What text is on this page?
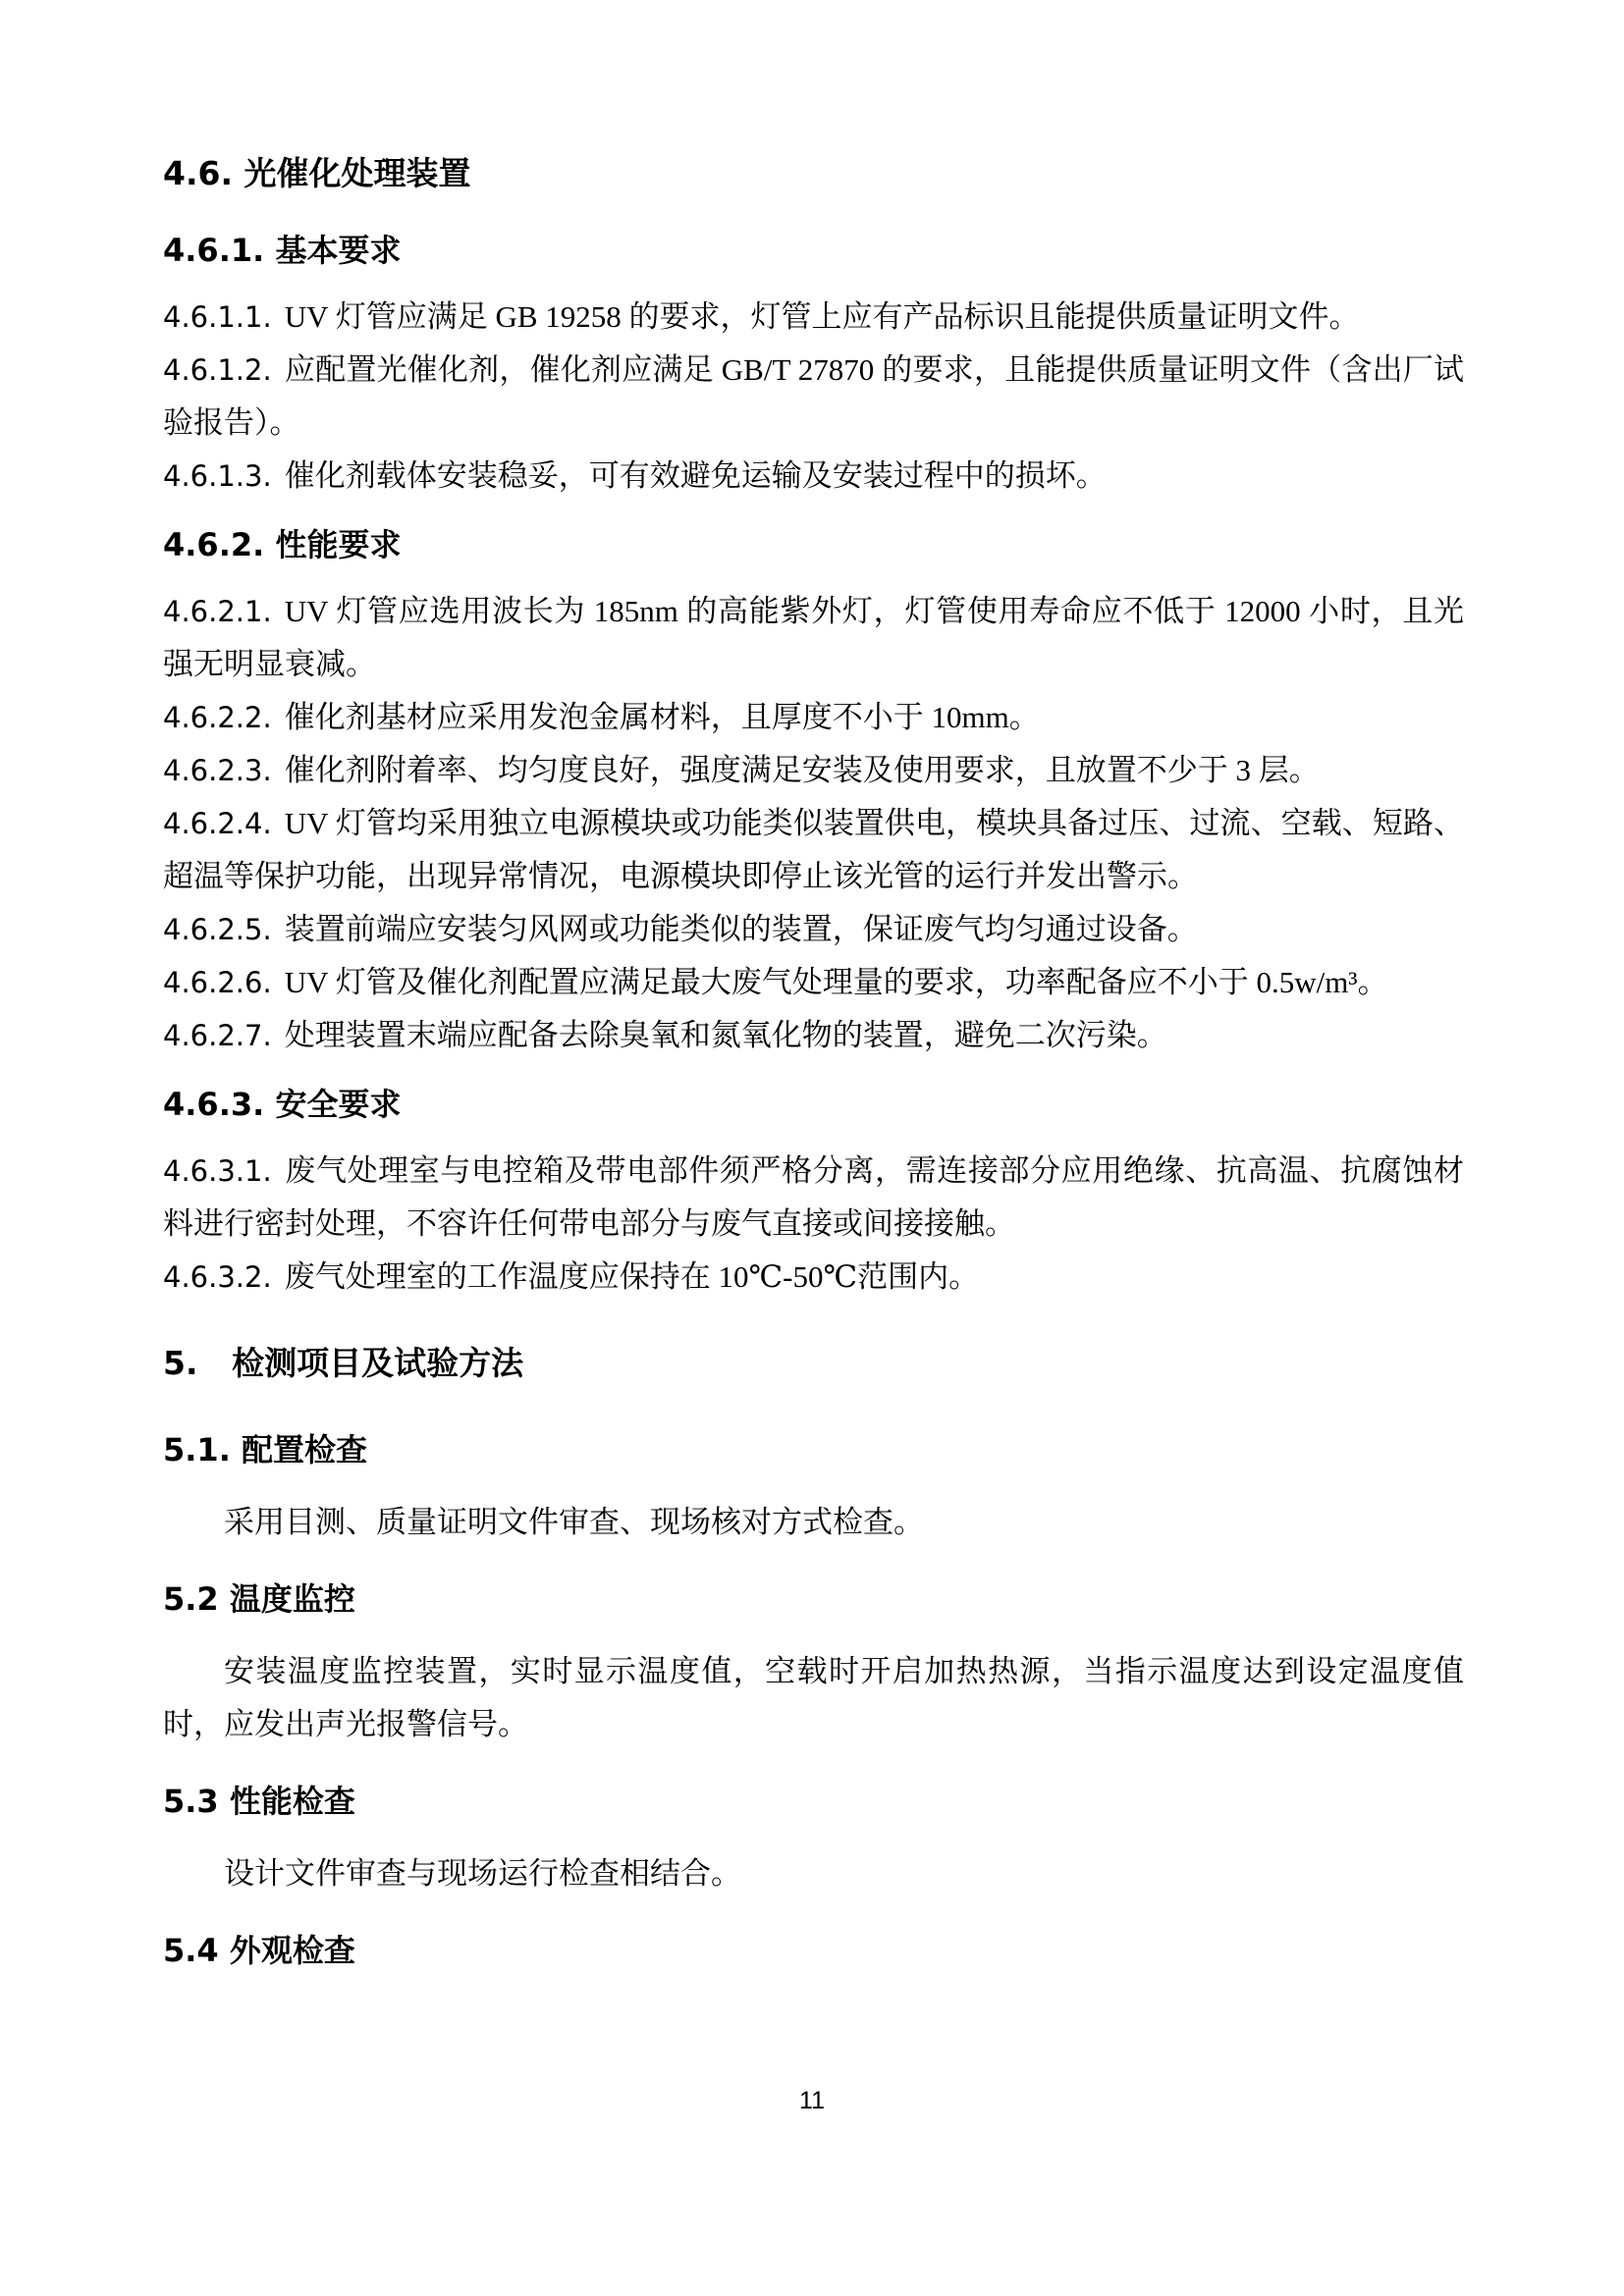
4.6. 光催化处理装置
4.6.1. 基本要求

4.6.1.1. UV 灯管应满足 GB 19258 的要求，灯管上应有产品标识且能提供质量证明文件。

4.6.1.2. 应配置光催化剂，催化剂应满足 GB/T 27870 的要求，且能提供质量证明文件（含出厂试验报告）。

4.6.1.3. 催化剂载体安装稳妥，可有效避免运输及安装过程中的损坏。

4.6.2. 性能要求

4.6.2.1. UV 灯管应选用波长为 185nm 的高能紫外灯，灯管使用寿命应不低于 12000 小时，且光强无明显衰减。

4.6.2.2. 催化剂基材应采用发泡金属材料，且厚度不小于 10mm。

4.6.2.3. 催化剂附着率、均匀度良好，强度满足安装及使用要求，且放置不少于 3 层。

4.6.2.4. UV 灯管均采用独立电源模块或功能类似装置供电，模块具备过压、过流、空载、短路、超温等保护功能，出现异常情况，电源模块即停止该光管的运行并发出警示。

4.6.2.5. 装置前端应安装匀风网或功能类似的装置，保证废气均匀通过设备。

4.6.2.6. UV 灯管及催化剂配置应满足最大废气处理量的要求，功率配备应不小于 0.5w/m³。

4.6.2.7. 处理装置末端应配备去除臭氧和氮氧化物的装置，避免二次污染。

4.6.3. 安全要求

4.6.3.1. 废气处理室与电控箱及带电部件须严格分离，需连接部分应用绝缘、抗高温、抗腐蚀材料进行密封处理，不容许任何带电部分与废气直接或间接接触。

4.6.3.2. 废气处理室的工作温度应保持在 10℃-50℃范围内。

5. 检测项目及试验方法
5.1. 配置检查

采用目测、质量证明文件审查、现场核对方式检查。

5.2 温度监控

安装温度监控装置，实时显示温度值，空载时开启加热热源，当指示温度达到设定温度值时，应发出声光报警信号。

5.3 性能检查

设计文件审查与现场运行检查相结合。

5.4 外观检查
11
